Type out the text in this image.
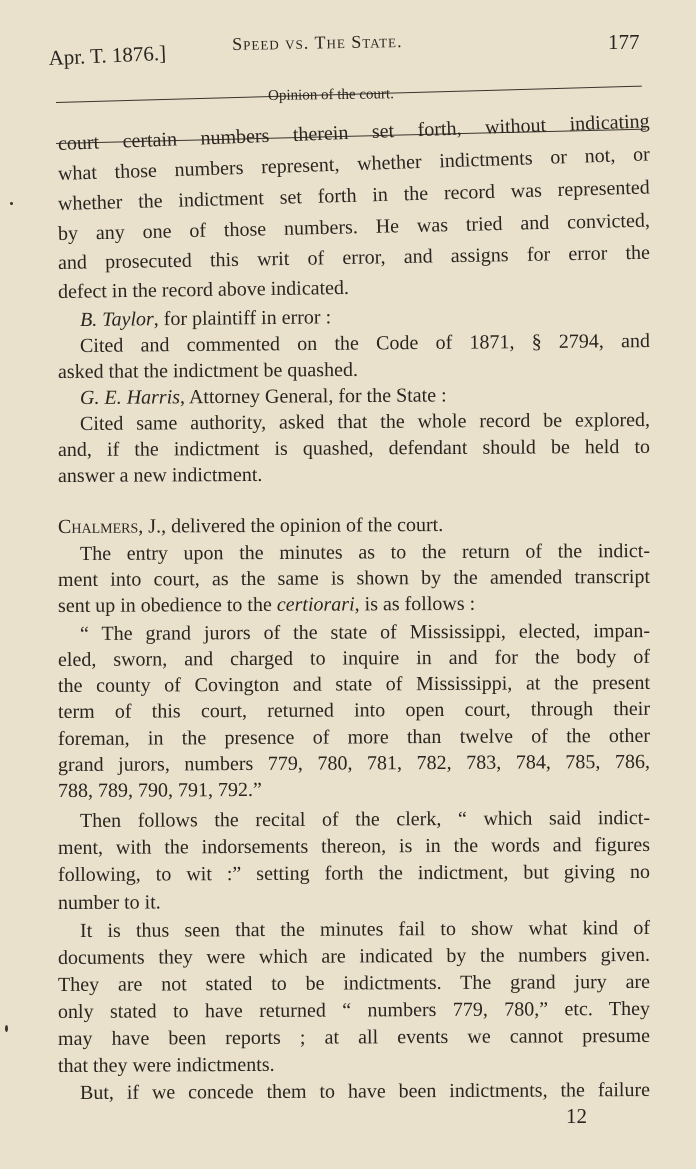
Apr. T. 1876.]	Speed vs. The State.	177
Opinion of the court.
court certain numbers therein set forth, without indicating
what those numbers represent, whether indictments or not, or
whether the indictment set forth in the record was represented
by any one of those numbers. He was tried and convicted,
and prosecuted this writ of error, and assigns for error the
defect in the record above indicated.
B. Taylor, for plaintiff in error :
Cited and commented on the Code of 1871, § 2794, and
asked that the indictment be quashed.
G. E. Harris, Attorney General, for the State :
Cited same authority, asked that the whole record be explored,
and, if the indictment is quashed, defendant should be held to
answer a new indictment.
Chalmers, J., delivered the opinion of the court.
The entry upon the minutes as to the return of the indict-
ment into court, as the same is shown by the amended transcript
sent up in obedience to the certiorari, is as follows :
“ The grand jurors of the state of Mississippi, elected, impan-
eled, sworn, and charged to inquire in and for the body of
the county of Covington and state of Mississippi, at the present
term of this court, returned into open court, through their
foreman, in the presence of more than twelve of the other
grand jurors, numbers 779, 780, 781, 782, 783, 784, 785, 786,
788, 789, 790, 791, 792.”
Then follows the recital of the clerk, “ which said indict-
ment, with the indorsements thereon, is in the words and figures
following, to wit :” setting forth the indictment, but giving no
number to it.
It is thus seen that the minutes fail to show what kind of
documents they were which are indicated by the numbers given.
They are not stated to be indictments. The grand jury are
only stated to have returned “ numbers 779, 780,” etc. They
may have been reports ; at all events we cannot presume
that they were indictments.
But, if we concede them to have been indictments, the failure
12
